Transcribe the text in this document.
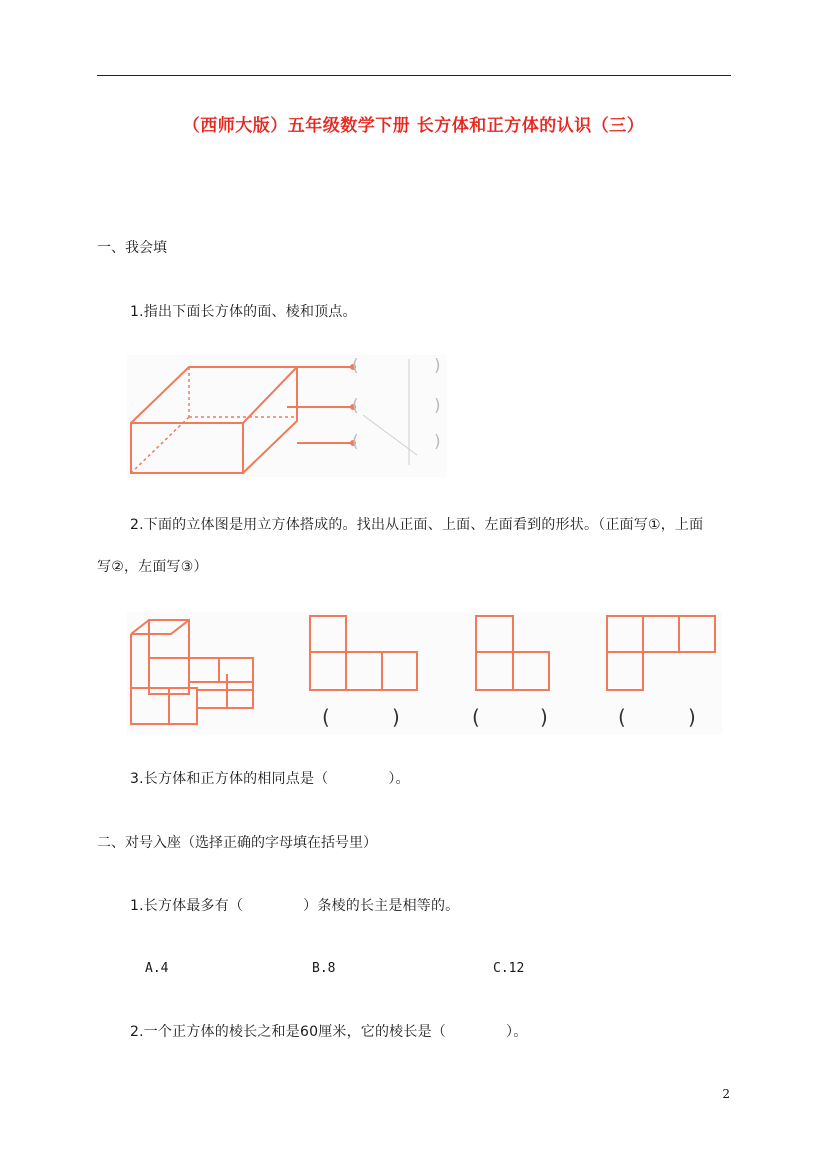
（西师大版）五年级数学下册 长方体和正方体的认识（三）
一、我会填
1.指出下面长方体的面、棱和顶点。
(	)
(	)
(	)
2.下面的立体图是用立方体搭成的。找出从正面、上面、左面看到的形状。（正面写①，上面
写②，左面写③）
(	)	(	)	(	)
3.长方体和正方体的相同点是（	）。
二、对号入座（选择正确的字母填在括号里）
1.长方体最多有（	）条棱的长主是相等的。
A.4	B.8	C.12
2.一个正方体的棱长之和是60厘米，它的棱长是（	）。
2
